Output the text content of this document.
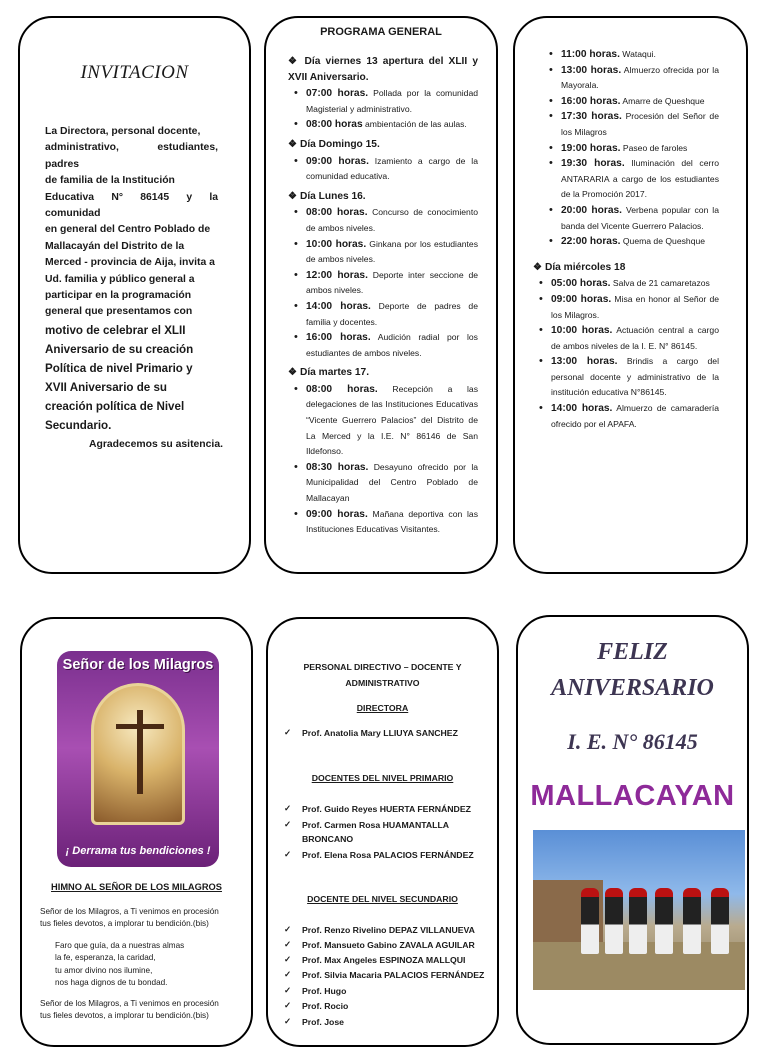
INVITACION
La Directora, personal docente,
administrativo, estudiantes, padres
de familia de la Institución
Educativa N° 86145 y la comunidad
en general del Centro Poblado de
Mallacayán del Distrito de la
Merced - provincia de Aija, invita a
Ud. familia y público general a
participar en la programación
general que presentamos con
motivo de celebrar el XLII
Aniversario de su creación
Política de nivel Primario y
XVII Aniversario de su
creación política de Nivel
Secundario.
Agradecemos su asitencia.
PROGRAMA GENERAL
❖ Día viernes 13 apertura del XLII y XVII Aniversario.
• 07:00 horas. Pollada por la comunidad Magisterial y administrativo.
• 08:00 horas ambientación de las aulas.
❖ Día Domingo 15.
• 09:00 horas. Izamiento a cargo de la comunidad educativa.
❖ Día Lunes 16.
• 08:00 horas. Concurso de conocimiento de ambos niveles.
• 10:00 horas. Ginkana por los estudiantes de ambos niveles.
• 12:00 horas. Deporte inter seccione de ambos niveles.
• 14:00 horas. Deporte de padres de familia y docentes.
• 16:00 horas. Audición radial por los estudiantes de ambos niveles.
❖ Día martes 17.
• 08:00 horas. Recepción a las delegaciones de las Instituciones Educativas “Vicente Guerrero Palacios” del Distrito de La Merced y la I.E. N° 86146 de San Ildefonso.
• 08:30 horas. Desayuno ofrecido por la Municipalidad del Centro Poblado de Mallacayan
• 09:00 horas. Mañana deportiva con las Instituciones Educativas Visitantes.
• 11:00 horas. Wataqui.
• 13:00 horas. Almuerzo ofrecida por la Mayorala.
• 16:00 horas. Amarre de Queshque
• 17:30 horas. Procesión del Señor de los Milagros
• 19:00 horas. Paseo de faroles
• 19:30 horas. Iluminación del cerro ANTARARIA a cargo de los estudiantes de la Promoción 2017.
• 20:00 horas. Verbena popular con la banda del Vicente Guerrero Palacios.
• 22:00 horas. Quema de Queshque
❖ Día miércoles 18
• 05:00 horas. Salva de 21 camaretazos
• 09:00 horas. Misa en honor al Señor de los Milagros.
• 10:00 horas. Actuación central a cargo de ambos niveles de la I. E. N° 86145.
• 13:00 horas. Brindis a cargo del personal docente y administrativo de la institución educativa N°86145.
• 14:00 horas. Almuerzo de camaradería ofrecido por el APAFA.
Señor de los Milagros
¡ Derrama tus bendiciones !
HIMNO AL SEÑOR DE LOS MILAGROS
Señor de los Milagros, a Ti venimos en procesión
tus fieles devotos, a implorar tu bendición.(bis)
Faro que guía, da a nuestras almas
la fe, esperanza, la caridad,
tu amor divino nos ilumine,
nos haga dignos de tu bondad.
Señor de los Milagros, a Ti venimos en procesión
tus fieles devotos, a implorar tu bendición.(bis)
PERSONAL DIRECTIVO – DOCENTE Y
ADMINISTRATIVO
DIRECTORA
✓ Prof. Anatolia Mary LLIUYA SANCHEZ
DOCENTES DEL NIVEL PRIMARIO
✓ Prof. Guido Reyes HUERTA FERNÁNDEZ
✓ Prof. Carmen Rosa HUAMANTALLA BRONCANO
✓ Prof. Elena Rosa PALACIOS FERNÁNDEZ
DOCENTE DEL NIVEL SECUNDARIO
✓ Prof. Renzo Rivelino DEPAZ VILLANUEVA
✓ Prof. Mansueto Gabino ZAVALA AGUILAR
✓ Prof. Max Angeles ESPINOZA MALLQUI
✓ Prof. Silvia Macaria PALACIOS FERNÁNDEZ
✓ Prof. Hugo
✓ Prof. Rocio
✓ Prof. Jose
FELIZ
ANIVERSARIO
I. E. N° 86145
MALLACAYAN
